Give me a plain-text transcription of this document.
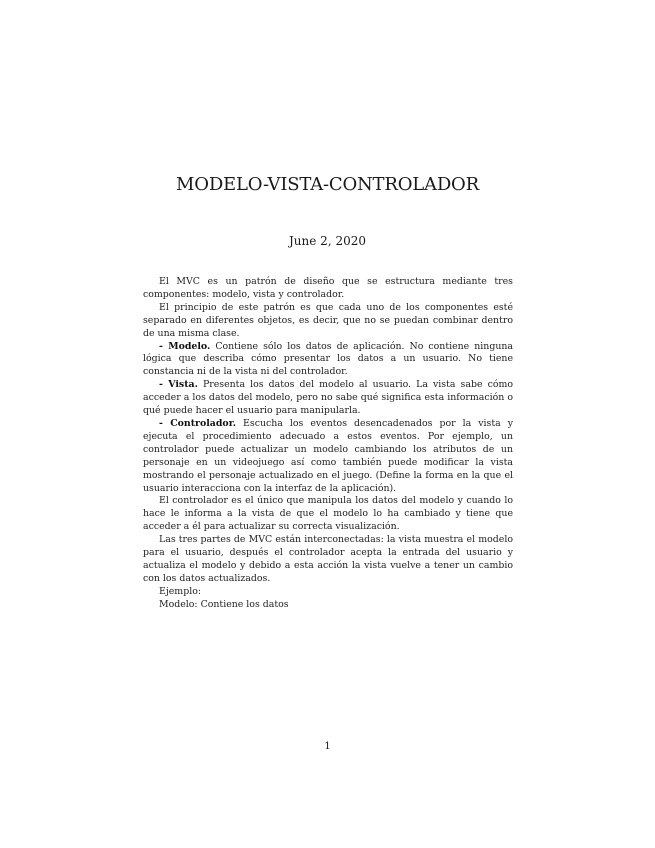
MODELO-VISTA-CONTROLADOR
June 2, 2020

El MVC es un patrón de diseño que se estructura mediante tres componentes: modelo, vista y controlador.

El principio de este patrón es que cada uno de los componentes esté separado en diferentes objetos, es decir, que no se puedan combinar dentro de una misma clase.

- Modelo. Contiene sólo los datos de aplicación. No contiene ninguna lógica que describa cómo presentar los datos a un usuario. No tiene constancia ni de la vista ni del controlador.

- Vista. Presenta los datos del modelo al usuario. La vista sabe cómo acceder a los datos del modelo, pero no sabe qué significa esta información o qué puede hacer el usuario para manipularla.

- Controlador. Escucha los eventos desencadenados por la vista y ejecuta el procedimiento adecuado a estos eventos. Por ejemplo, un controlador puede actualizar un modelo cambiando los atributos de un personaje en un videojuego así como también puede modificar la vista mostrando el personaje actualizado en el juego. (Define la forma en la que el usuario interacciona con la interfaz de la aplicación).

El controlador es el único que manipula los datos del modelo y cuando lo hace le informa a la vista de que el modelo lo ha cambiado y tiene que acceder a él para actualizar su correcta visualización.

Las tres partes de MVC están interconectadas: la vista muestra el modelo para el usuario, después el controlador acepta la entrada del usuario y actualiza el modelo y debido a esta acción la vista vuelve a tener un cambio con los datos actualizados.

Ejemplo:

Modelo: Contiene los datos

1
